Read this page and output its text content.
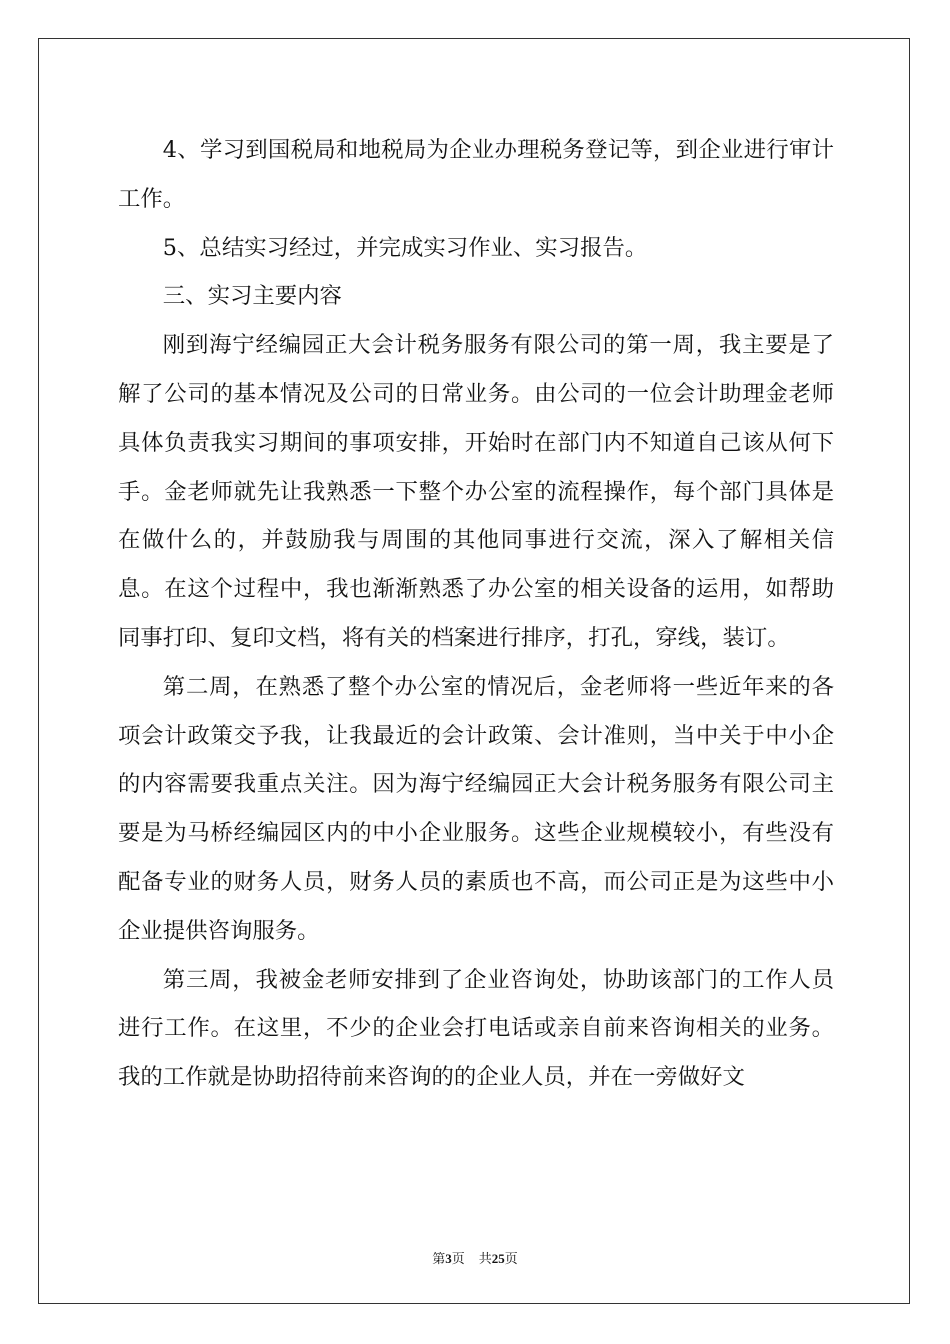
4、学习到国税局和地税局为企业办理税务登记等，到企业进行审计工作。

5、总结实习经过，并完成实习作业、实习报告。

三、实习主要内容

刚到海宁经编园正大会计税务服务有限公司的第一周，我主要是了解了公司的基本情况及公司的日常业务。由公司的一位会计助理金老师具体负责我实习期间的事项安排，开始时在部门内不知道自己该从何下手。金老师就先让我熟悉一下整个办公室的流程操作，每个部门具体是在做什么的，并鼓励我与周围的其他同事进行交流，深入了解相关信息。在这个过程中，我也渐渐熟悉了办公室的相关设备的运用，如帮助同事打印、复印文档，将有关的档案进行排序，打孔，穿线，装订。

第二周，在熟悉了整个办公室的情况后，金老师将一些近年来的各项会计政策交予我，让我最近的会计政策、会计准则，当中关于中小企的内容需要我重点关注。因为海宁经编园正大会计税务服务有限公司主要是为马桥经编园区内的中小企业服务。这些企业规模较小，有些没有配备专业的财务人员，财务人员的素质也不高，而公司正是为这些中小企业提供咨询服务。

第三周，我被金老师安排到了企业咨询处，协助该部门的工作人员进行工作。在这里，不少的企业会打电话或亲自前来咨询相关的业务。我的工作就是协助招待前来咨询的的企业人员，并在一旁做好文

第3页 共25页
